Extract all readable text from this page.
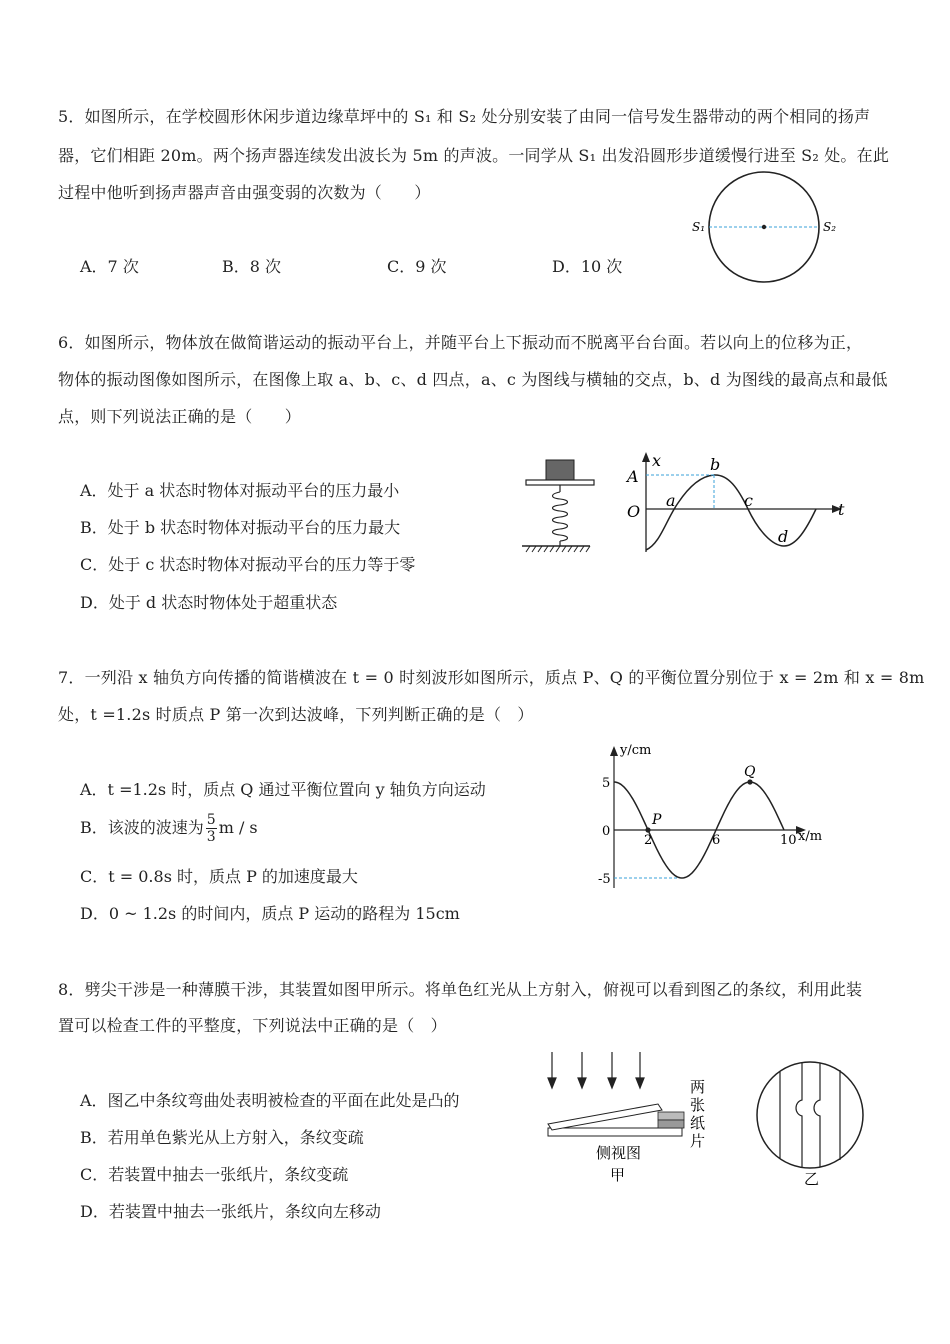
5．如图所示，在学校圆形休闲步道边缘草坪中的 S₁ 和 S₂ 处分别安装了由同一信号发生器带动的两个相同的扬声
器，它们相距 20m。两个扬声器连续发出波长为 5m 的声波。一同学从 S₁ 出发沿圆形步道缓慢行进至 S₂ 处。在此
过程中他听到扬声器声音由强变弱的次数为（　　）
A．7 次	B．8 次	C．9 次	D．10 次
S₁	S₂
6．如图所示，物体放在做简谐运动的振动平台上，并随平台上下振动而不脱离平台台面。若以向上的位移为正，
物体的振动图像如图所示，在图像上取 a、b、c、d 四点，a、c 为图线与横轴的交点，b、d 为图线的最高点和最低
点，则下列说法正确的是（　　）
A．处于 a 状态时物体对振动平台的压力最小
B．处于 b 状态时物体对振动平台的压力最大
C．处于 c 状态时物体对振动平台的压力等于零
D．处于 d 状态时物体处于超重状态
x
t
A
O
a
b
c
d
7．一列沿 x 轴负方向传播的简谐横波在 t = 0 时刻波形如图所示，质点 P、Q 的平衡位置分别位于 x = 2m 和 x = 8m
处，t =1.2s 时质点 P 第一次到达波峰，下列判断正确的是（　）
A．t =1.2s 时，质点 Q 通过平衡位置向 y 轴负方向运动
B．该波的波速为 $\frac{5}{3}$ m / s
C．t = 0.8s 时，质点 P 的加速度最大
D．0 ~ 1.2s 的时间内，质点 P 运动的路程为 15cm
y/cm
x/m
5
0
-5
2	6	10
P
Q
8．劈尖干涉是一种薄膜干涉，其装置如图甲所示。将单色红光从上方射入，俯视可以看到图乙的条纹，利用此装
置可以检查工件的平整度，下列说法中正确的是（　）
A．图乙中条纹弯曲处表明被检查的平面在此处是凸的
B．若用单色紫光从上方射入，条纹变疏
C．若装置中抽去一张纸片，条纹变疏
D．若装置中抽去一张纸片，条纹向左移动
侧视图
甲
两
张
纸
片
乙
